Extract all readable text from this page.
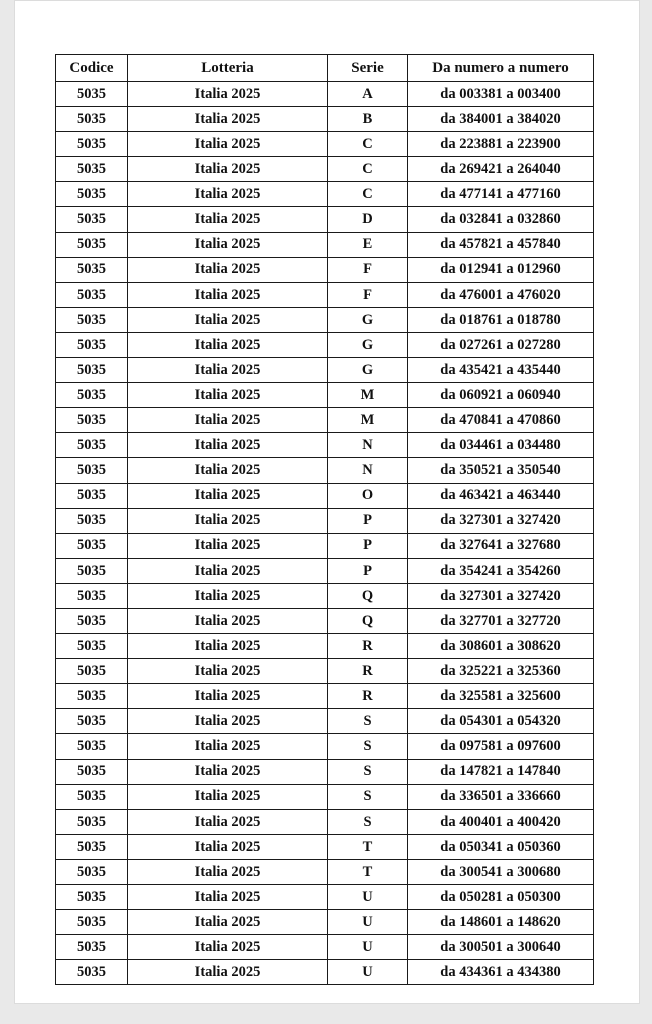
Codice	Lotteria	Serie	Da numero a numero
5035	Italia 2025	A	da 003381 a 003400
5035	Italia 2025	B	da 384001 a 384020
5035	Italia 2025	C	da 223881 a 223900
5035	Italia 2025	C	da 269421 a 264040
5035	Italia 2025	C	da 477141 a 477160
5035	Italia 2025	D	da 032841 a 032860
5035	Italia 2025	E	da 457821 a 457840
5035	Italia 2025	F	da 012941 a 012960
5035	Italia 2025	F	da 476001 a 476020
5035	Italia 2025	G	da 018761 a 018780
5035	Italia 2025	G	da 027261 a 027280
5035	Italia 2025	G	da 435421 a 435440
5035	Italia 2025	M	da 060921 a 060940
5035	Italia 2025	M	da 470841 a 470860
5035	Italia 2025	N	da 034461 a 034480
5035	Italia 2025	N	da 350521 a 350540
5035	Italia 2025	O	da 463421 a 463440
5035	Italia 2025	P	da 327301 a 327420
5035	Italia 2025	P	da 327641 a 327680
5035	Italia 2025	P	da 354241 a 354260
5035	Italia 2025	Q	da 327301 a 327420
5035	Italia 2025	Q	da 327701 a 327720
5035	Italia 2025	R	da 308601 a 308620
5035	Italia 2025	R	da 325221 a 325360
5035	Italia 2025	R	da 325581 a 325600
5035	Italia 2025	S	da 054301 a 054320
5035	Italia 2025	S	da 097581 a 097600
5035	Italia 2025	S	da 147821 a 147840
5035	Italia 2025	S	da 336501 a 336660
5035	Italia 2025	S	da 400401 a 400420
5035	Italia 2025	T	da 050341 a 050360
5035	Italia 2025	T	da 300541 a 300680
5035	Italia 2025	U	da 050281 a 050300
5035	Italia 2025	U	da 148601 a 148620
5035	Italia 2025	U	da 300501 a 300640
5035	Italia 2025	U	da 434361 a 434380
